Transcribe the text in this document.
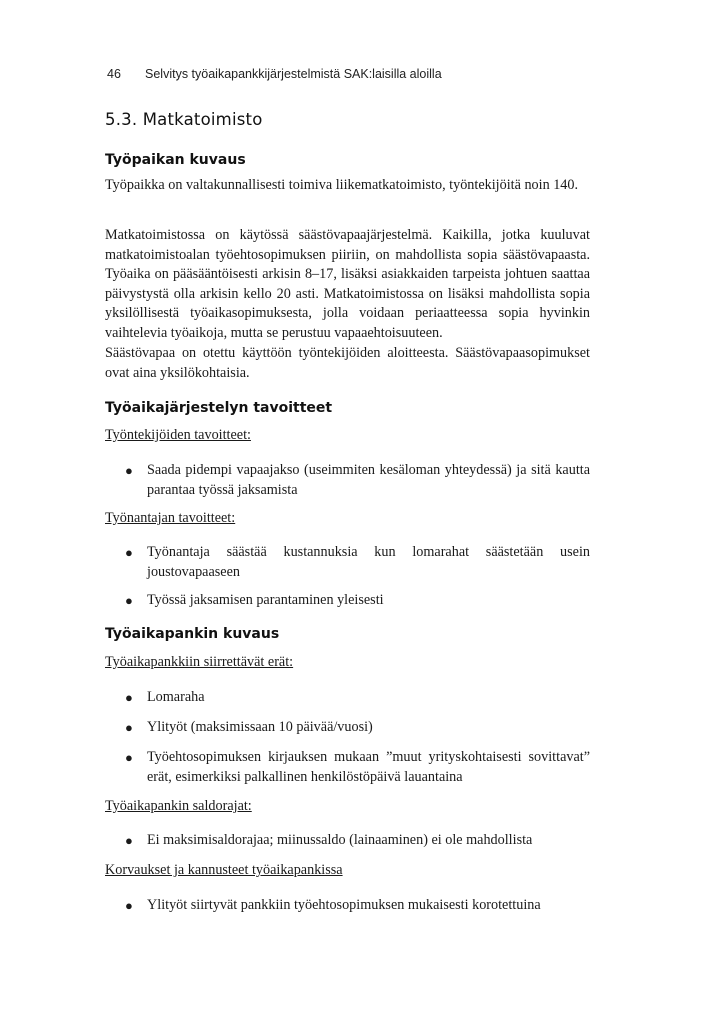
46 Selvitys työaikapankkijärjestelmistä SAK:laisilla aloilla
5.3. Matkatoimisto
Työpaikan kuvaus

Työpaikka on valtakunnallisesti toimiva liikematkatoimisto, työntekijöitä noin 140.

Matkatoimistossa on käytössä säästövapaajärjestelmä. Kaikilla, jotka kuuluvat matkatoimistoalan työehtosopimuksen piiriin, on mahdollista sopia säästövapaasta. Työaika on pääsääntöisesti arkisin 8–17, lisäksi asiakkaiden tarpeista johtuen saattaa päivystystä olla arkisin kello 20 asti. Matkatoimistossa on lisäksi mahdollista sopia yksilöllisestä työaikasopimuksesta, jolla voidaan periaatteessa sopia hyvinkin vaihtelevia työaikoja, mutta se perustuu vapaaehtoisuuteen.

Säästövapaa on otettu käyttöön työntekijöiden aloitteesta. Säästövapaasopimukset ovat aina yksilökohtaisia.

Työaikajärjestelyn tavoitteet

Työntekijöiden tavoitteet:

● Saada pidempi vapaajakso (useimmiten kesäloman yhteydessä) ja sitä kautta parantaa työssä jaksamista

Työnantajan tavoitteet:

● Työnantaja säästää kustannuksia kun lomarahat säästetään usein joustovapaaseen
● Työssä jaksamisen parantaminen yleisesti
Työaikapankin kuvaus

Työaikapankkiin siirrettävät erät:

● Lomaraha
● Ylityöt (maksimissaan 10 päivää/vuosi)
● Työehtosopimuksen kirjauksen mukaan ”muut yrityskohtaisesti sovittavat” erät, esimerkiksi palkallinen henkilöstöpäivä lauantaina

Työaikapankin saldorajat:

● Ei maksimisaldorajaa; miinussaldo (lainaaminen) ei ole mahdollista

Korvaukset ja kannusteet työaikapankissa

● Ylityöt siirtyvät pankkiin työehtosopimuksen mukaisesti korotettuina
